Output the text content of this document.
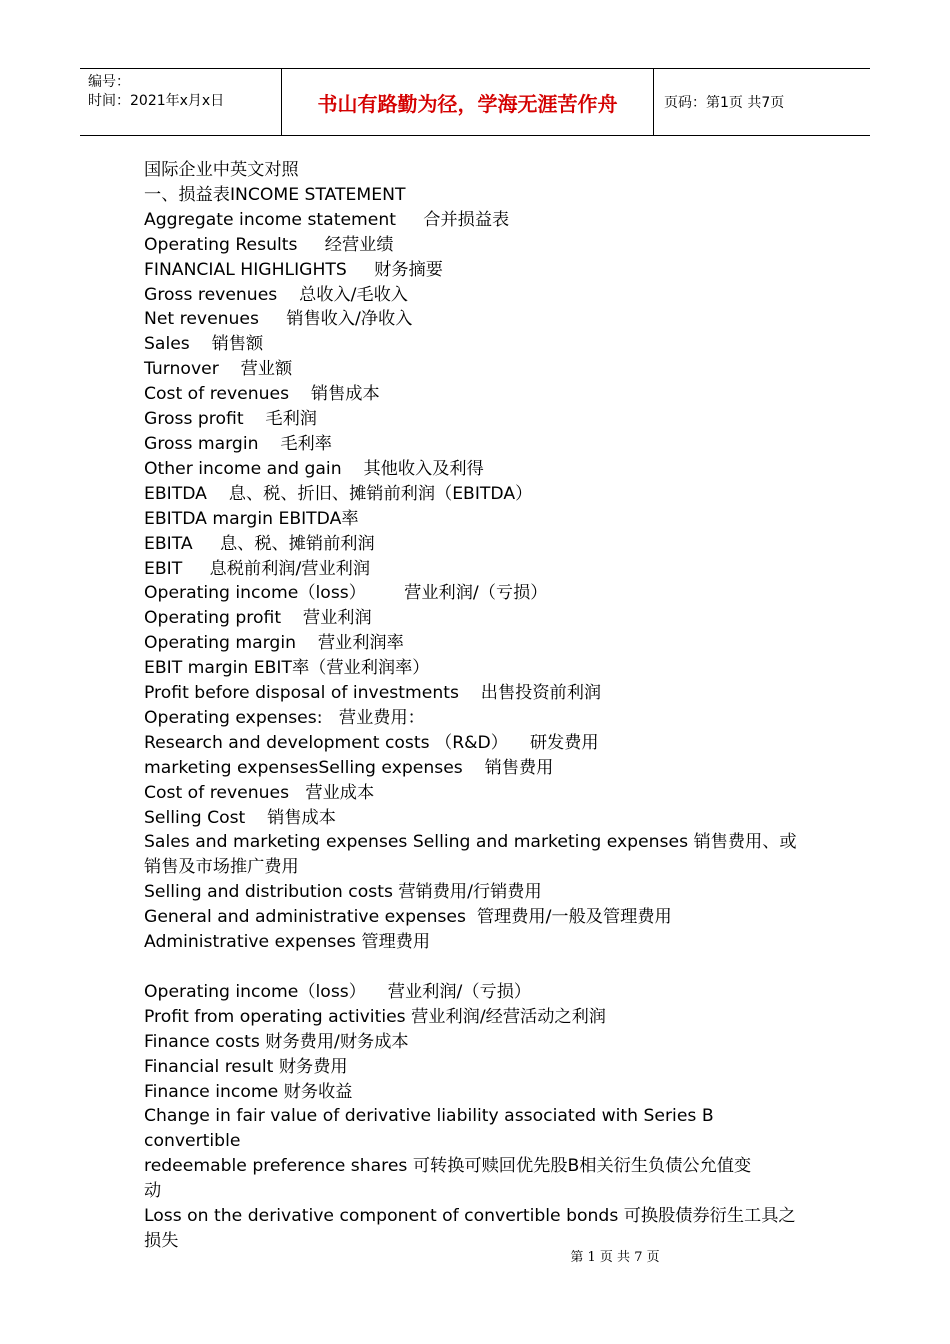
编号：
时间：2021年x月x日	书山有路勤为径，学海无涯苦作舟	页码：第1页 共7页
国际企业中英文对照
一、损益表INCOME STATEMENT
Aggregate income statement     合并损益表
Operating Results     经营业绩
FINANCIAL HIGHLIGHTS     财务摘要
Gross revenues    总收入/毛收入
Net revenues     销售收入/净收入
Sales    销售额
Turnover    营业额
Cost of revenues    销售成本
Gross profit    毛利润
Gross margin    毛利率
Other income and gain    其他收入及利得
EBITDA    息、税、折旧、摊销前利润（EBITDA）
EBITDA margin EBITDA率
EBITA     息、税、摊销前利润
EBIT     息税前利润/营业利润
Operating income（loss）       营业利润/（亏损）
Operating profit    营业利润
Operating margin    营业利润率
EBIT margin EBIT率（营业利润率）
Profit before disposal of investments    出售投资前利润
Operating expenses:   营业费用：
Research and development costs （R&D）    研发费用
marketing expensesSelling expenses    销售费用
Cost of revenues   营业成本
Selling Cost    销售成本
Sales and marketing expenses Selling and marketing expenses 销售费用、或
销售及市场推广费用
Selling and distribution costs 营销费用/行销费用
General and administrative expenses  管理费用/一般及管理费用
Administrative expenses 管理费用
Operating income（loss）    营业利润/（亏损）
Profit from operating activities 营业利润/经营活动之利润
Finance costs 财务费用/财务成本
Financial result 财务费用
Finance income 财务收益
Change in fair value of derivative liability associated with Series B convertible
redeemable preference shares 可转换可赎回优先股B相关衍生负债公允值变
动
Loss on the derivative component of convertible bonds 可换股债券衍生工具之
损失
第 1 页 共 7 页
